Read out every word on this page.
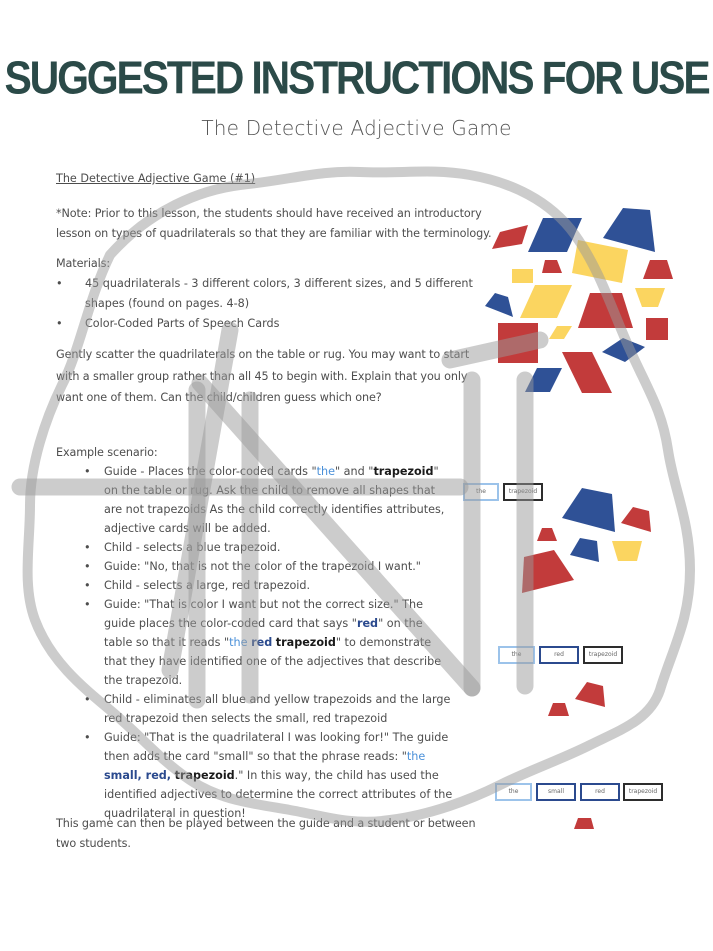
SUGGESTED INSTRUCTIONS FOR USE
The Detective Adjective Game
The Detective Adjective Game (#1)

*Note: Prior to this lesson, the students should have received an introductory lesson on types of quadrilaterals so that they are familiar with the terminology.

Materials:
• 45 quadrilaterals - 3 different colors, 3 different sizes, and 5 different shapes (found on pages. 4-8)
• Color-Coded Parts of Speech Cards
Gently scatter the quadrilaterals on the table or rug. You may want to start with a smaller group rather than all 45 to begin with. Explain that you only want one of them. Can the child/children guess which one?
Example scenario:
• Guide - Places the color-coded cards "the" and "trapezoid" on the table or rug. Ask the child to remove all shapes that are not trapezoids As the child correctly identifies attributes, adjective cards will be added.
• Child - selects a blue trapezoid.
• Guide: "No, that is not the color of the trapezoid I want."
• Child - selects a large, red trapezoid.
• Guide: "That is color I want but not the correct size." The guide places the color-coded card that says "red" on the table so that it reads "the red trapezoid" to demonstrate that they have identified one of the adjectives that describe the trapezoid.
• Child - eliminates all blue and yellow trapezoids and the large red trapezoid then selects the small, red trapezoid
• Guide: "That is the quadrilateral I was looking for!" The guide then adds the card "small" so that the phrase reads: "the small, red, trapezoid." In this way, the child has used the identified adjectives to determine the correct attributes of the quadrilateral in question!
This game can then be played between the guide and a student or between two students.
the	trapezoid
the	red	trapezoid
the	small	red	trapezoid
